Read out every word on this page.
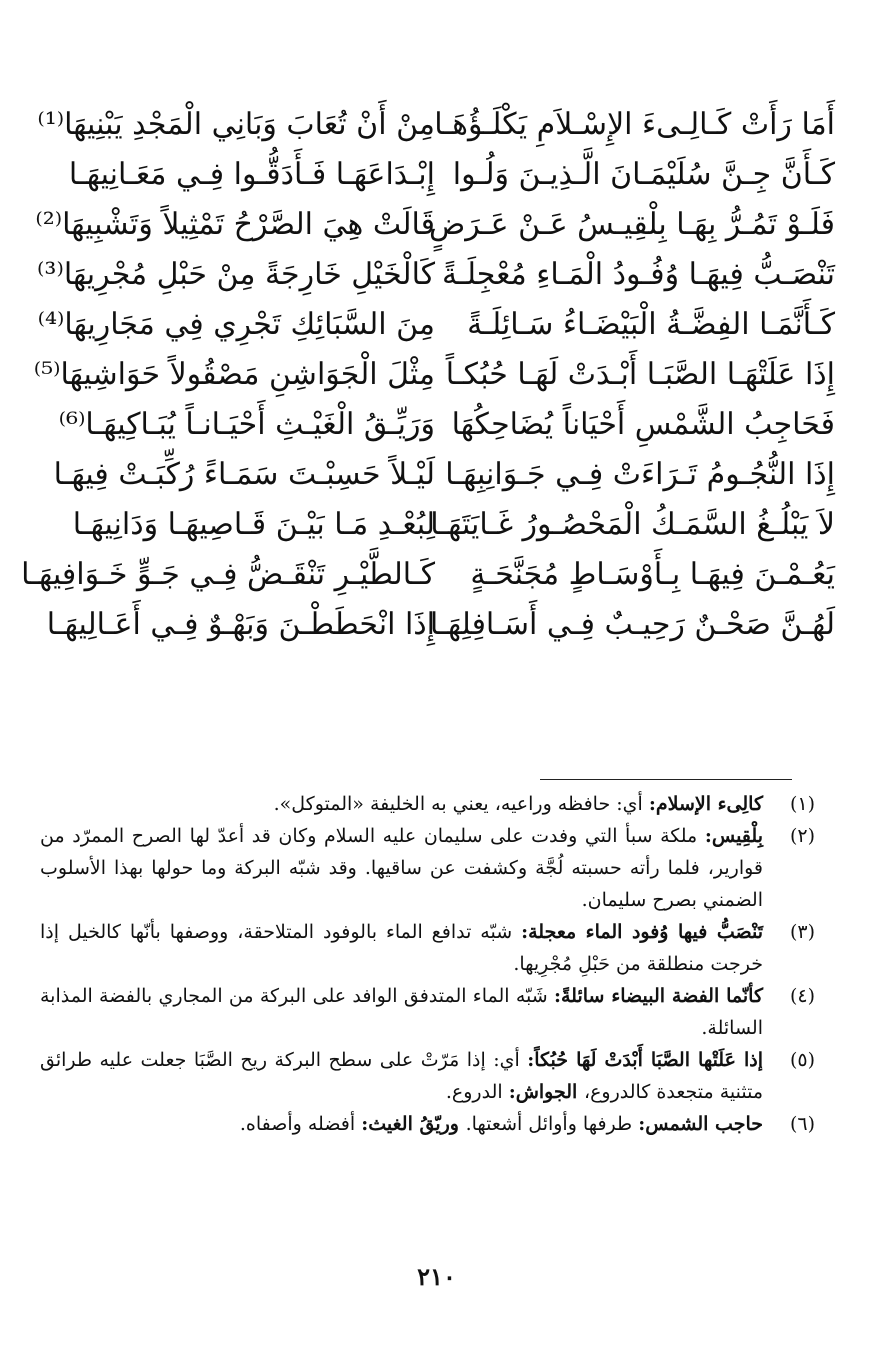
أَمَا رَأَتْ كَـالِـىءَ الإِسْـلاَمِ يَكْلَـؤُهَـا
مِنْ أَنْ تُعَابَ وَبَانِي الْمَجْدِ يَبْنِيهَا⁽¹⁾
كَـأَنَّ جِـنَّ سُلَيْمَـانَ الَّـذِيـنَ وَلُـوا
إِبْـدَاعَهَـا فَـأَدَقُّـوا فِـي مَعَـانِيهَـا
فَلَـوْ تَمُـرُّ بِهَـا بِلْقِيـسُ عَـنْ عَـرَضٍ
قَالَتْ هِيَ الصَّرْحُ تَمْثِيلاً وَتَشْبِيهَا⁽²⁾
تَنْصَـبُّ فِيهَـا وُفُـودُ الْمَـاءِ مُعْجِلَـةً
كَالْخَيْلِ خَارِجَةً مِنْ حَبْلِ مُجْرِيهَا⁽³⁾
كَـأَنَّمَـا الفِضَّـةُ الْبَيْضَـاءُ سَـائِلَـةً
مِنَ السَّبَائِكِ تَجْرِي فِي مَجَارِيهَا⁽⁴⁾
إِذَا عَلَتْهَـا الصَّبَـا أَبْـدَتْ لَهَـا حُبُكـاً
مِثْلَ الْجَوَاشِنِ مَصْقُولاً حَوَاشِيهَا⁽⁵⁾
فَحَاجِبُ الشَّمْسِ أَحْيَاناً يُضَاحِكُهَا
وَرَيِّـقُ الْغَيْـثِ أَحْيَـانـاً يُبَـاكِيهَـا⁽⁶⁾
إِذَا النُّجُـومُ تَـرَاءَتْ فِـي جَـوَانِبِهَـا
لَيْـلاً حَسِبْـتَ سَمَـاءً رُكِّبَـتْ فِيهَـا
لاَ يَبْلُـغُ السَّمَـكُ الْمَحْصُـورُ غَـايَتَهَـا
لِبُعْـدِ مَـا بَيْـنَ قَـاصِيهَـا وَدَانِيهَـا
يَعُـمْـنَ فِيهَـا بِـأَوْسَـاطٍ مُجَنَّحَـةٍ
كَـالطَّيْـرِ تَنْقَـضُّ فِـي جَـوٍّ خَـوَافِيهَـا
لَهُـنَّ صَحْـنٌ رَحِيـبٌ فِـي أَسَـافِلِهَـا
إِذَا انْحَطَطْـنَ وَبَهْـوٌ فِـي أَعَـالِيهَـا
(١)
كالِىء الإسلام: أي: حافظه وراعيه، يعني به الخليفة «المتوكل».
(٢)
بِلْقِيس: ملكة سبأ التي وفدت على سليمان عليه السلام وكان قد أعدّ لها الصرح الممرّد من قوارير، فلما رأته حسبته لُجَّة وكشفت عن ساقيها. وقد شبّه البركة وما حولها بهذا الأسلوب الضمني بصرح سليمان.
(٣)
تَنْصَبُّ فيها وُفود الماء معجلة: شبّه تدافع الماء بالوفود المتلاحقة، ووصفها بأنّها كالخيل إذا خرجت منطلقة من حَبْلِ مُجْرِيها.
(٤)
كأنّما الفضة البيضاء سائلةً: شَبّه الماء المتدفق الوافد على البركة من المجاري بالفضة المذابة السائلة.
(٥)
إذا عَلَتْها الصَّبَا أَبْدَتْ لَهَا حُبُكاً: أي: إذا مَرّتْ على سطح البركة ريح الصَّبَا جعلت عليه طرائق متثنية متجعدة كالدروع، الجواش: الدروع.
(٦)
حاجب الشمس: طرفها وأوائل أشعتها. وريّقُ الغيث: أفضله وأصفاه.
٢١٠
